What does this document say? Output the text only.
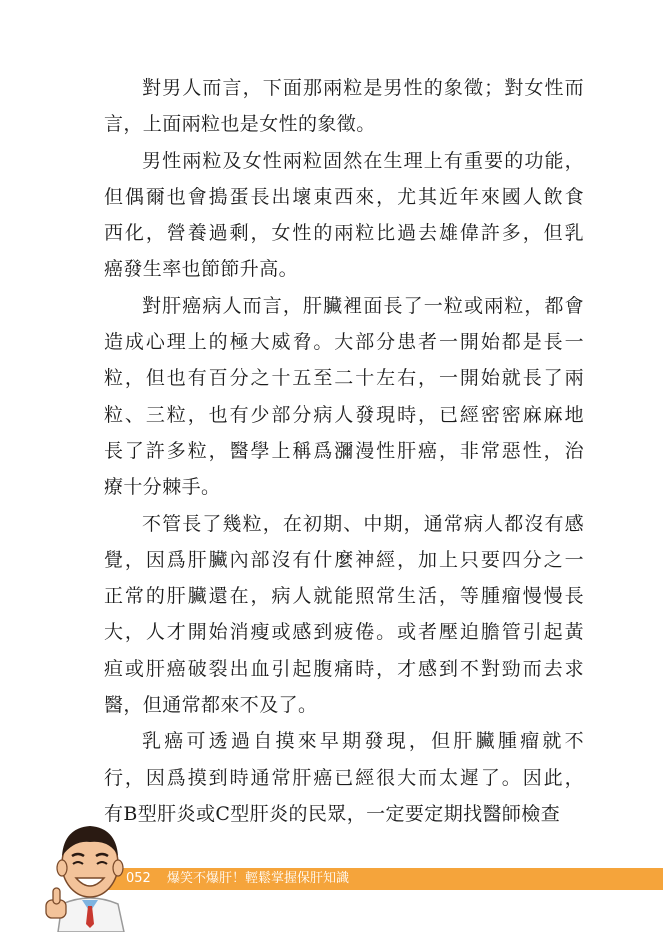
對男人而言，下面那兩粒是男性的象徵；對女性而
言，上面兩粒也是女性的象徵。
男性兩粒及女性兩粒固然在生理上有重要的功能，
但偶爾也會搗蛋長出壞東西來，尤其近年來國人飲食
西化，營養過剩，女性的兩粒比過去雄偉許多，但乳
癌發生率也節節升高。
對肝癌病人而言，肝臟裡面長了一粒或兩粒，都會
造成心理上的極大威脅。大部分患者一開始都是長一
粒，但也有百分之十五至二十左右，一開始就長了兩
粒、三粒，也有少部分病人發現時，已經密密麻麻地
長了許多粒，醫學上稱爲瀰漫性肝癌，非常惡性，治
療十分棘手。
不管長了幾粒，在初期、中期，通常病人都沒有感
覺，因爲肝臟內部沒有什麼神經，加上只要四分之一
正常的肝臟還在，病人就能照常生活，等腫瘤慢慢長
大，人才開始消瘦或感到疲倦。或者壓迫膽管引起黃
疸或肝癌破裂出血引起腹痛時，才感到不對勁而去求
醫，但通常都來不及了。
乳癌可透過自摸來早期發現，但肝臟腫瘤就不
行，因爲摸到時通常肝癌已經很大而太遲了。因此，
有B型肝炎或C型肝炎的民眾，一定要定期找醫師檢查
052 爆笑不爆肝！輕鬆掌握保肝知識
